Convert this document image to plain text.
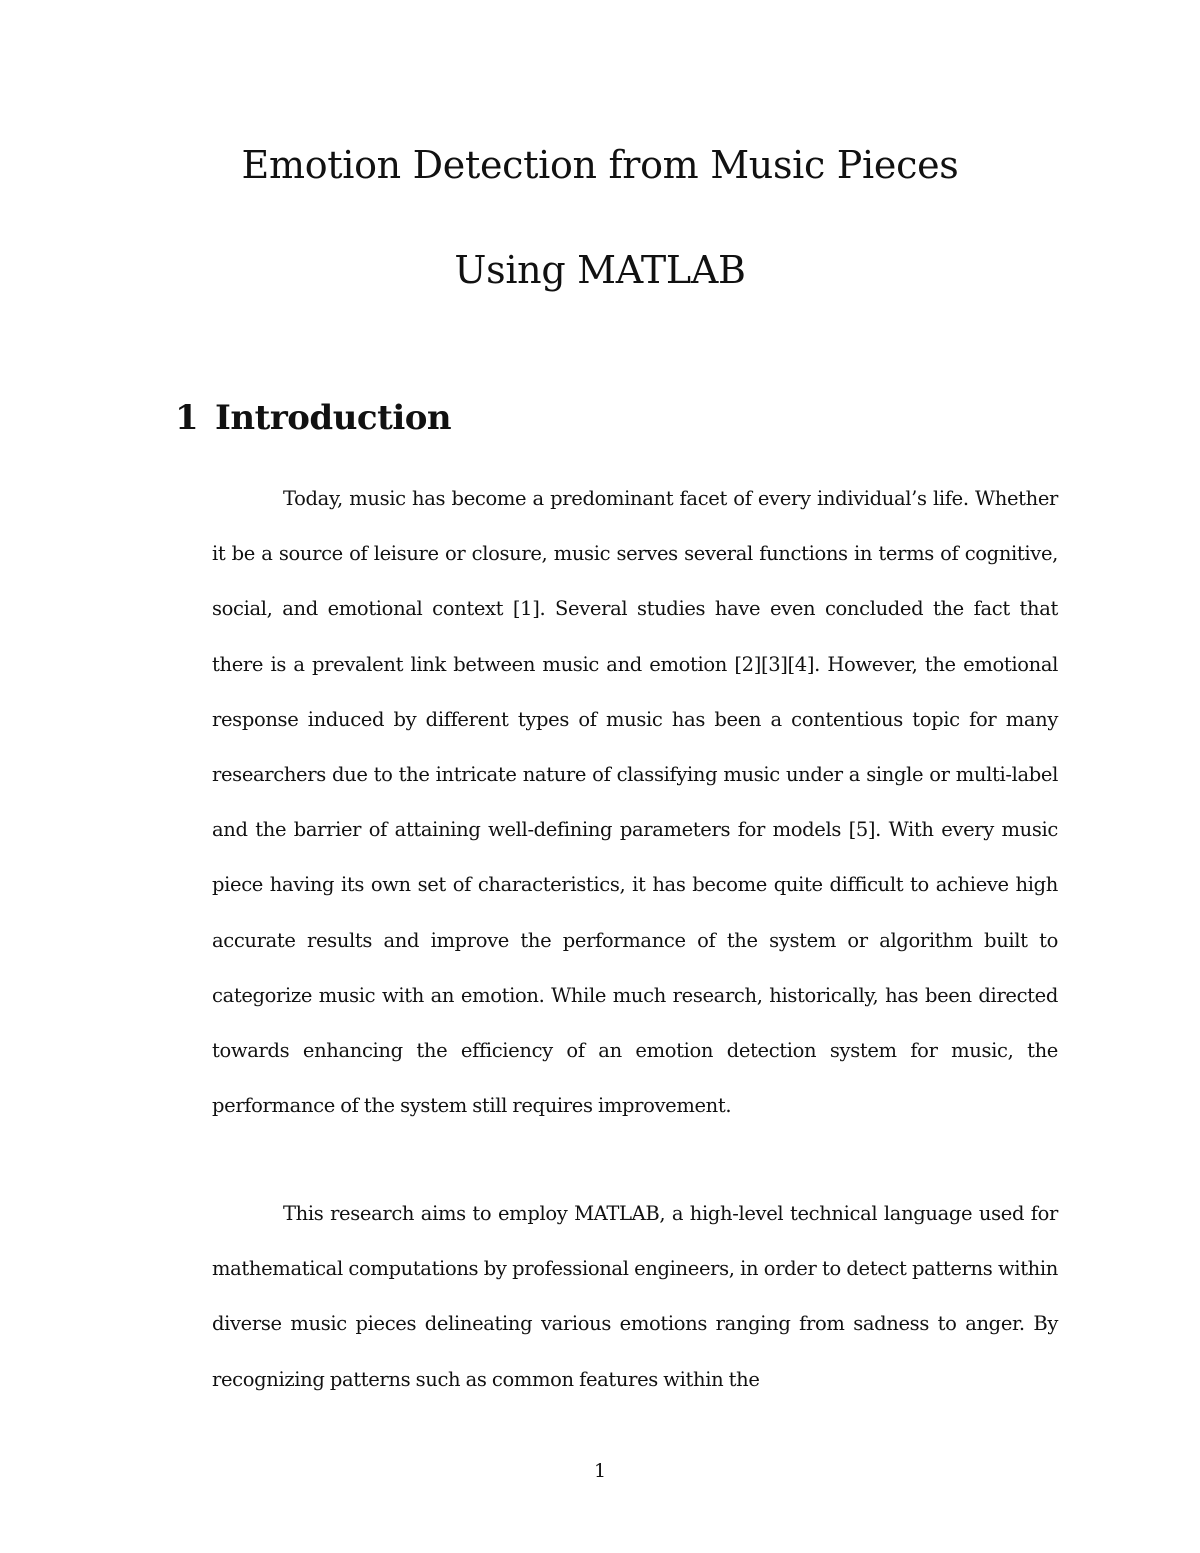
Emotion Detection from Music Pieces
Using MATLAB
1 Introduction

Today, music has become a predominant facet of every individual’s life. Whether it be a source of leisure or closure, music serves several functions in terms of cognitive, social, and emotional context [1]. Several studies have even concluded the fact that there is a prevalent link between music and emotion [2][3][4]. However, the emotional response induced by different types of music has been a contentious topic for many researchers due to the intricate nature of classifying music under a single or multi-label and the barrier of attaining well-defining parameters for models [5]. With every music piece having its own set of characteristics, it has become quite difficult to achieve high accurate results and improve the performance of the system or algorithm built to categorize music with an emotion. While much research, historically, has been directed towards enhancing the efficiency of an emotion detection system for music, the performance of the system still requires improvement.

This research aims to employ MATLAB, a high-level technical language used for mathematical computations by professional engineers, in order to detect patterns within diverse music pieces delineating various emotions ranging from sadness to anger. By recognizing patterns such as common features within the

1
